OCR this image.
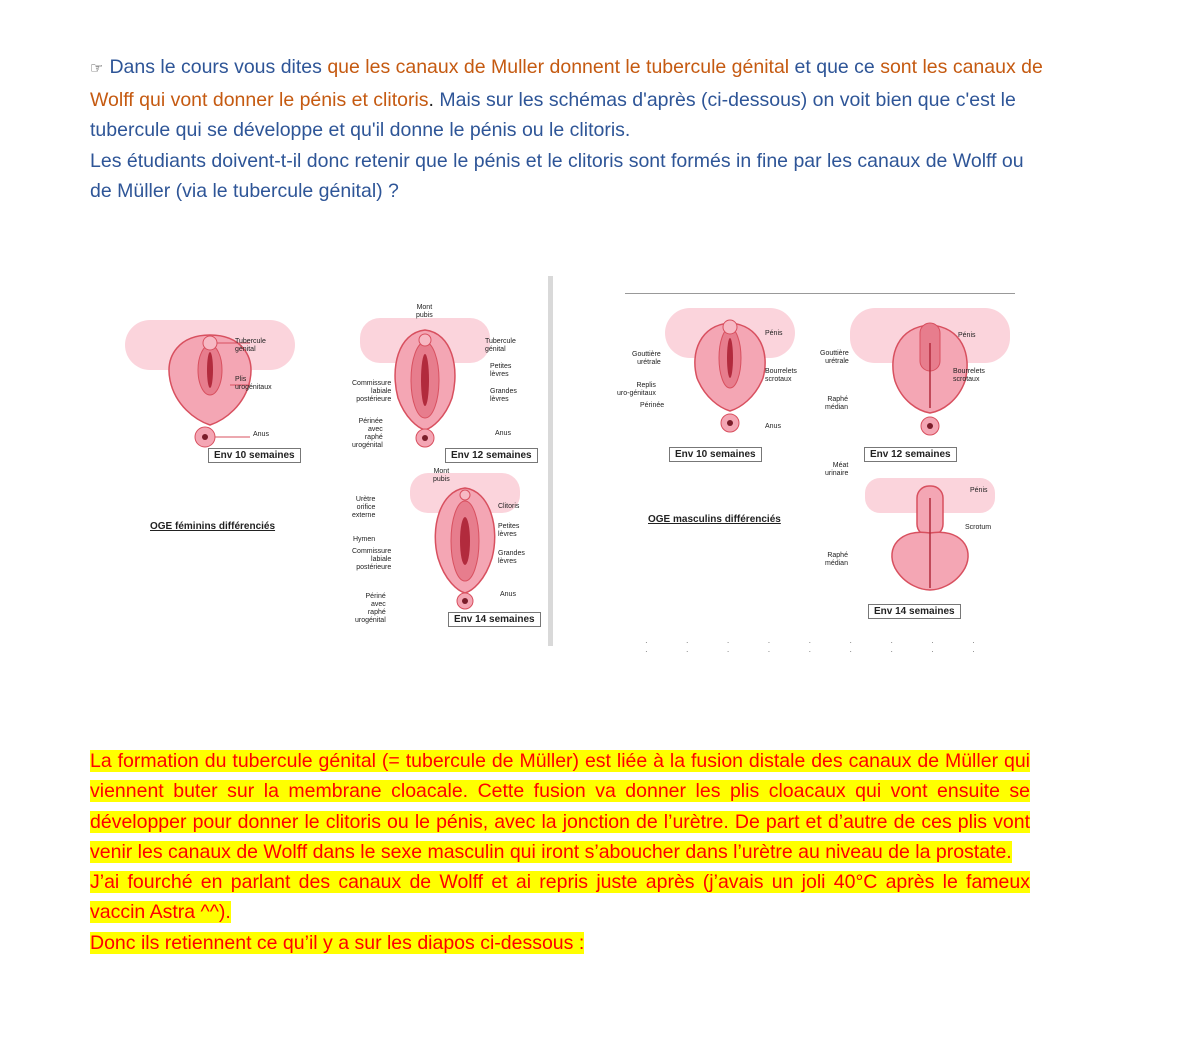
☞ Dans le cours vous dites que les canaux de Muller donnent le tubercule génital et que ce sont les canaux de Wolff qui vont donner le pénis et clitoris. Mais sur les schémas d'après (ci-dessous) on voit bien que c'est le tubercule qui se développe et qu'il donne le pénis ou le clitoris.
Les étudiants doivent-t-il donc retenir que le pénis et le clitoris sont formés in fine par les canaux de Wolff ou de Müller (via le tubercule génital) ?
Tubercule
génital
Plis
urogénitaux
Anus
Env 10 semaines
OGE féminins différenciés
Mont
pubis
Tubercule
génital
Petites
lèvres
Grandes
lèvres
Commissure
labiale
postérieure
Périnée
avec
raphé
urogénital
Anus
Env 12 semaines
Mont
pubis
Urètre
orifice
externe
Hymen
Commissure
labiale
postérieure
Périné
avec
raphé
urogénital
Clitoris
Petites
lèvres
Grandes
lèvres
Anus
Env 14 semaines
Gouttière
urétrale
Replis
uro-génitaux
Périnée
Pénis
Bourrelets
scrotaux
Anus
Env 10 semaines
OGE masculins différenciés
Gouttière
urétrale
Raphé
médian
Pénis
Bourrelets
scrotaux
Env 12 semaines
Méat
urinaire
Raphé
médian
Pénis
Scrotum
Env 14 semaines
· · · · · · · · · · · · · · · · · ·

La formation du tubercule génital (= tubercule de Müller) est liée à la fusion distale des canaux de Müller qui viennent buter sur la membrane cloacale. Cette fusion va donner les plis cloacaux qui vont ensuite se développer pour donner le clitoris ou le pénis, avec la jonction de l’urètre. De part et d’autre de ces plis vont venir les canaux de Wolff dans le sexe masculin qui iront s’aboucher dans l’urètre au niveau de la prostate.

J’ai fourché en parlant des canaux de Wolff et ai repris juste après (j’avais un joli 40°C après le fameux vaccin Astra ^^).

Donc ils retiennent ce qu’il y a sur les diapos ci-dessous :
